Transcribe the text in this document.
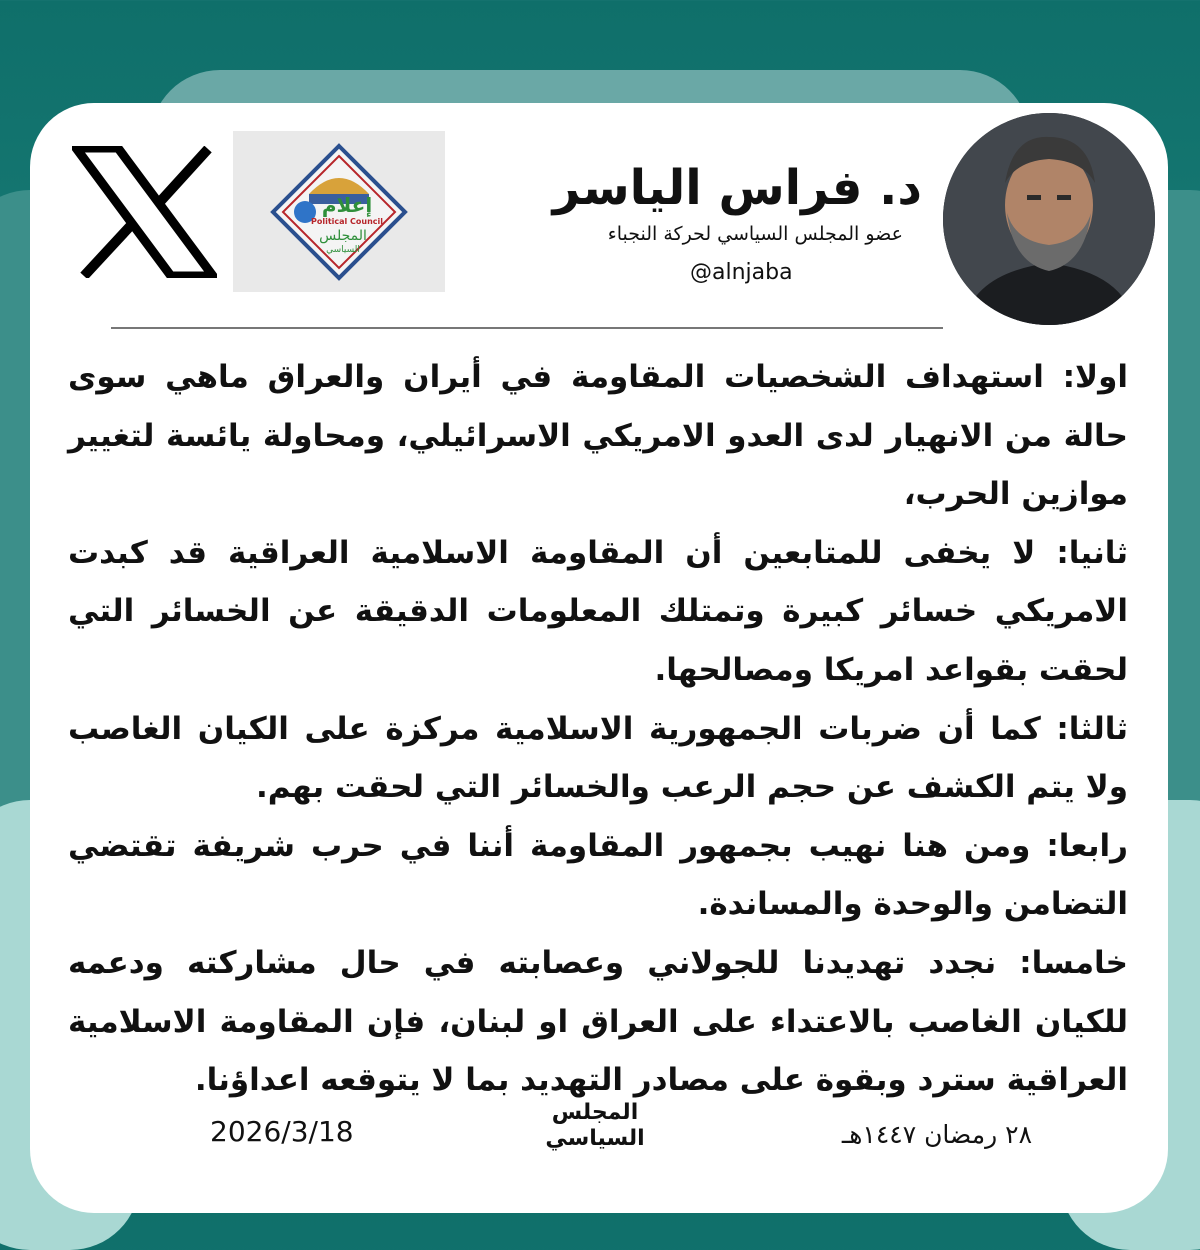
إعلام
Political Council
المجلس
السياسي
د. فراس الياسر
عضو المجلس السياسي لحركة النجباء
@alnjaba

اولا: استهداف الشخصيات المقاومة في أيران والعراق ماهي سوى حالة من الانهيار لدى العدو الامريكي الاسرائيلي، ومحاولة يائسة لتغيير موازين الحرب،

ثانيا: لا يخفى للمتابعين أن المقاومة الاسلامية العراقية قد كبدت الامريكي خسائر كبيرة وتمتلك المعلومات الدقيقة عن الخسائر التي لحقت بقواعد امريكا ومصالحها.

ثالثا: كما أن ضربات الجمهورية الاسلامية مركزة على الكيان الغاصب ولا يتم الكشف عن حجم الرعب والخسائر التي لحقت بهم.

رابعا: ومن هنا نهيب بجمهور المقاومة أننا في حرب شريفة تقتضي التضامن والوحدة والمساندة.

خامسا: نجدد تهديدنا للجولاني وعصابته في حال مشاركته ودعمه للكيان الغاصب بالاعتداء على العراق او لبنان، فإن المقاومة الاسلامية العراقية سترد وبقوة على مصادر التهديد بما لا يتوقعه اعداؤنا.

2026/3/18
المجلس
السياسي	٢٨ رمضان ١٤٤٧هـ
